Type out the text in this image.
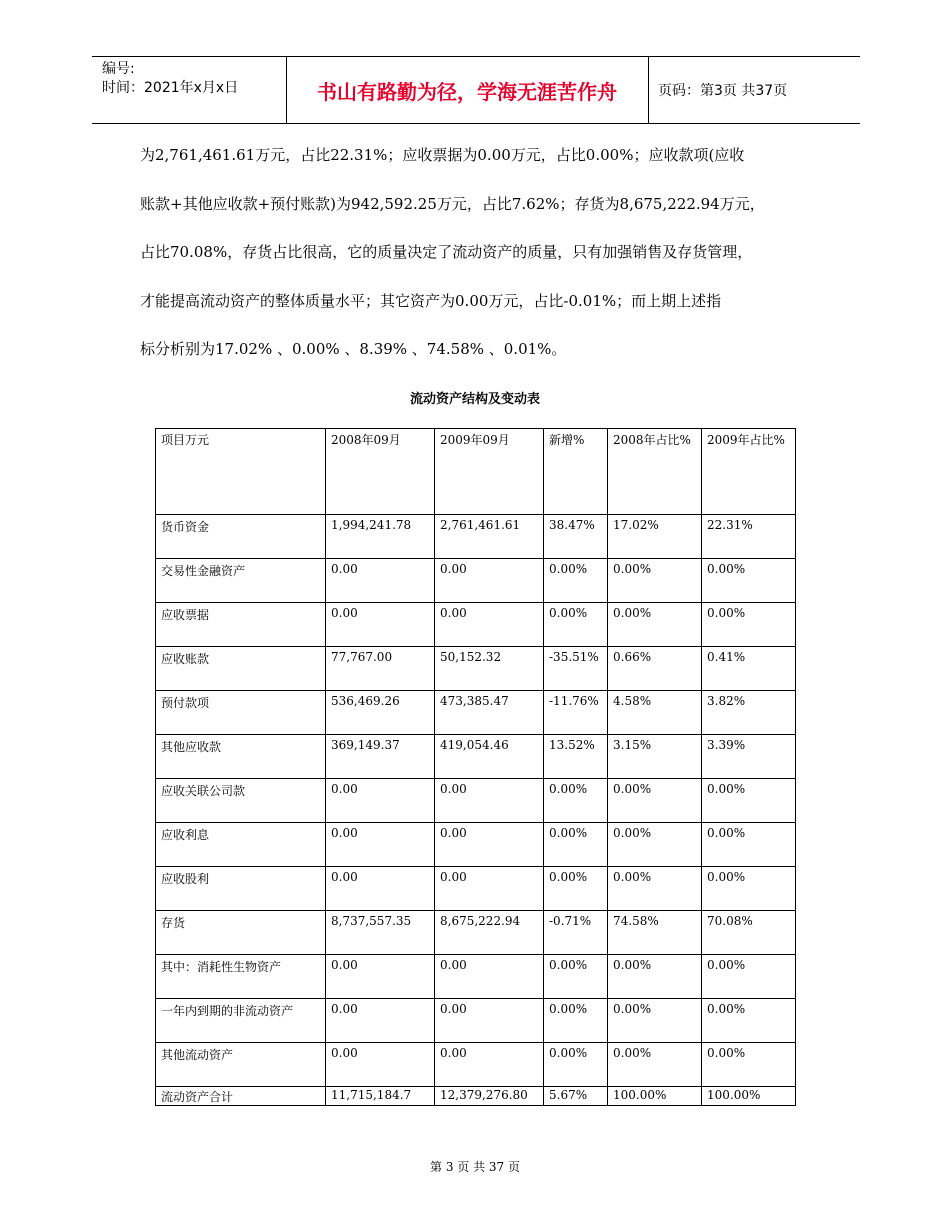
编号:
时间：2021年x月x日	书山有路勤为径，学海无涯苦作舟	页码：第3页 共37页
为2,761,461.61万元，占比22.31%；应收票据为0.00万元，占比0.00%；应收款项(应收
账款+其他应收款+预付账款)为942,592.25万元，占比7.62%；存货为8,675,222.94万元，
占比70.08%，存货占比很高，它的质量决定了流动资产的质量，只有加强销售及存货管理，
才能提高流动资产的整体质量水平；其它资产为0.00万元，占比-0.01%；而上期上述指
标分析别为17.02% 、0.00% 、8.39% 、74.58% 、0.01%。
流动资产结构及变动表
项目万元	2008年09月	2009年09月	新增%	2008年占比%	2009年占比%

货币资金	1,994,241.78	2,761,461.61	38.47%	17.02%	22.31%
交易性金融资产	0.00	0.00	0.00%	0.00%	0.00%
应收票据	0.00	0.00	0.00%	0.00%	0.00%
应收账款	77,767.00	50,152.32	-35.51%	0.66%	0.41%
预付款项	536,469.26	473,385.47	-11.76%	4.58%	3.82%
其他应收款	369,149.37	419,054.46	13.52%	3.15%	3.39%
应收关联公司款	0.00	0.00	0.00%	0.00%	0.00%
应收利息	0.00	0.00	0.00%	0.00%	0.00%
应收股利	0.00	0.00	0.00%	0.00%	0.00%
存货	8,737,557.35	8,675,222.94	-0.71%	74.58%	70.08%
其中：消耗性生物资产	0.00	0.00	0.00%	0.00%	0.00%
一年内到期的非流动资产	0.00	0.00	0.00%	0.00%	0.00%
其他流动资产	0.00	0.00	0.00%	0.00%	0.00%
流动资产合计	11,715,184.7	12,379,276.80	5.67%	100.00%	100.00%
第 3 页 共 37 页
